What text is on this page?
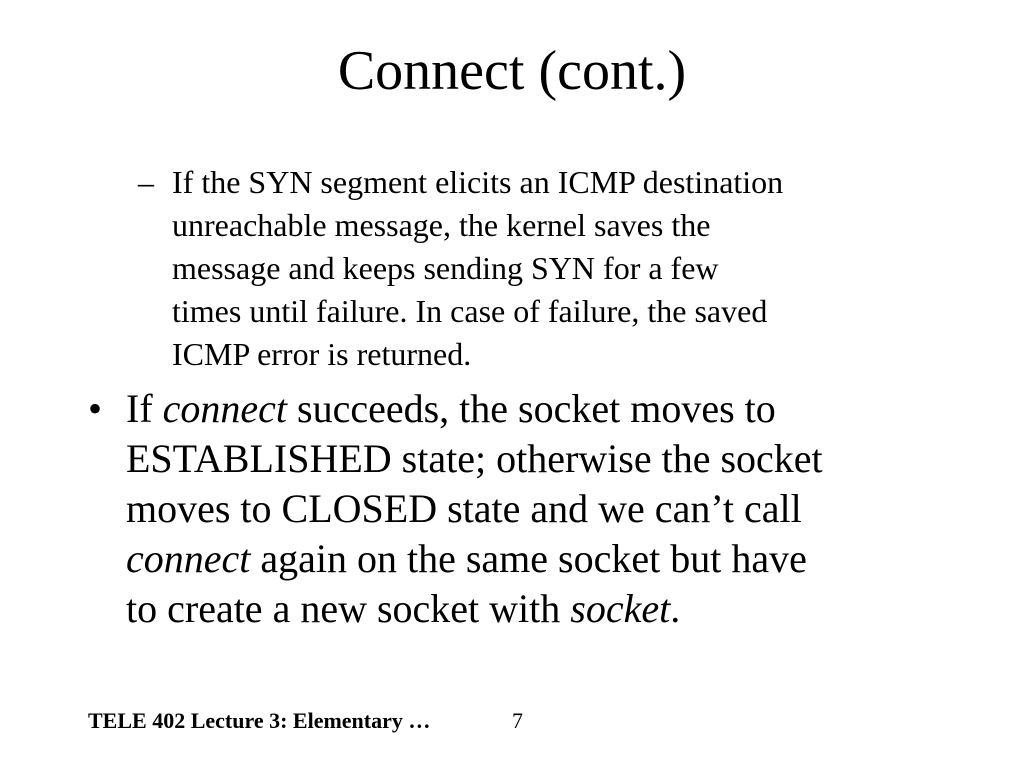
Connect (cont.)
– If the SYN segment elicits an ICMP destination
unreachable message, the kernel saves the
message and keeps sending SYN for a few
times until failure. In case of failure, the saved
ICMP error is returned.
• If connect succeeds, the socket moves to
ESTABLISHED state; otherwise the socket
moves to CLOSED state and we can’t call
connect again on the same socket but have
to create a new socket with socket.
TELE 402 Lecture 3: Elementary …	7
